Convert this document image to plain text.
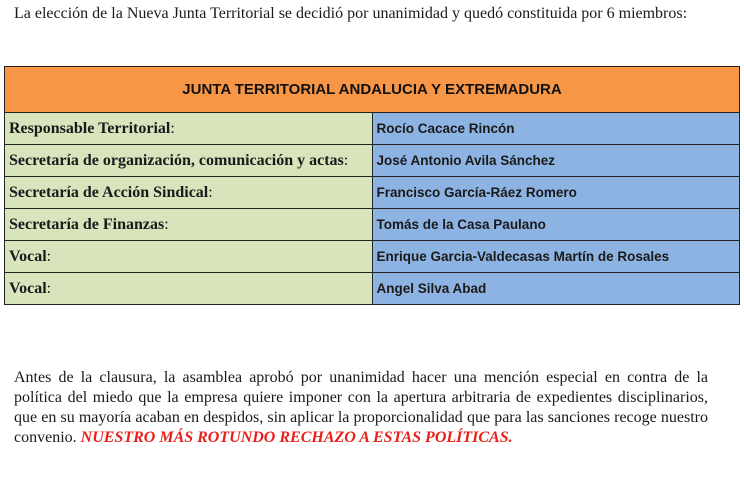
La elección de la Nueva Junta Territorial se decidió por unanimidad y quedó constituida por 6 miembros:

JUNTA TERRITORIAL ANDALUCIA Y EXTREMADURA	
Responsable Territorial:	Rocío Cacace Rincón
Secretaría de organización, comunicación y actas:	José Antonio Avila Sánchez
Secretaría de Acción Sindical:	Francisco García-Ráez Romero
Secretaría de Finanzas:	Tomás de la Casa Paulano
Vocal:	Enrique Garcia-Valdecasas Martín de Rosales
Vocal:	Angel Silva Abad

Antes de la clausura, la asamblea aprobó por unanimidad hacer una mención especial en contra de la política del miedo que la empresa quiere imponer con la apertura arbitraria de expedientes disciplinarios, que en su mayoría acaban en despidos, sin aplicar la proporcionalidad que para las sanciones recoge nuestro convenio. NUESTRO MÁS ROTUNDO RECHAZO A ESTAS POLÍTICAS.
